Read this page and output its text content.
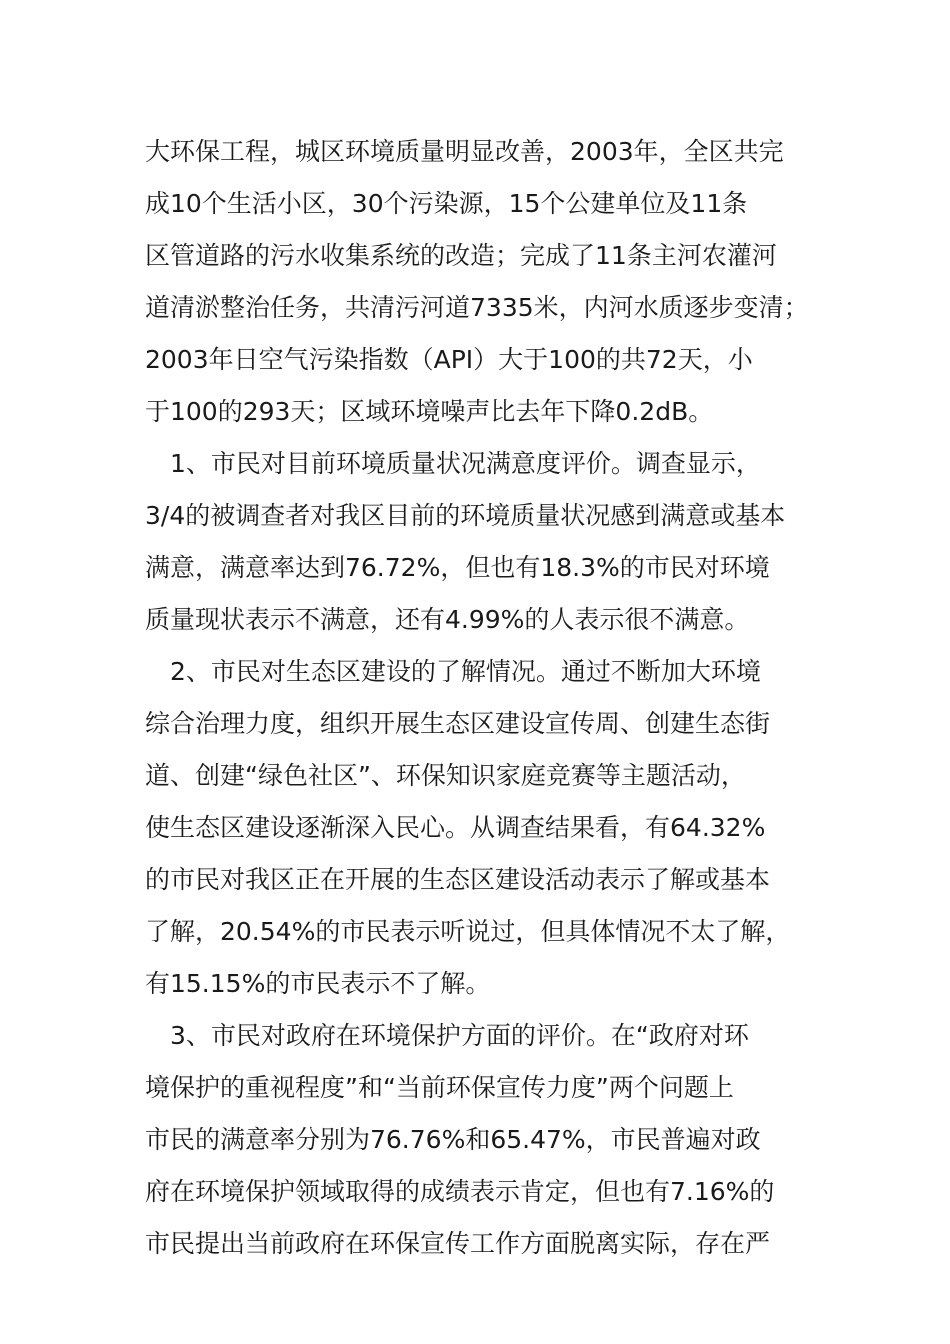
大环保工程，城区环境质量明显改善，2003年，全区共完
成10个生活小区，30个污染源，15个公建单位及11条
区管道路的污水收集系统的改造；完成了11条主河农灌河
道清淤整治任务，共清污河道7335米，内河水质逐步变清；
2003年日空气污染指数（API）大于100的共72天，小
于100的293天；区域环境噪声比去年下降0.2dB。
　1、市民对目前环境质量状况满意度评价。调查显示，
3/4的被调查者对我区目前的环境质量状况感到满意或基本
满意，满意率达到76.72%，但也有18.3%的市民对环境
质量现状表示不满意，还有4.99%的人表示很不满意。
　2、市民对生态区建设的了解情况。通过不断加大环境
综合治理力度，组织开展生态区建设宣传周、创建生态街
道、创建“绿色社区”、环保知识家庭竞赛等主题活动，
使生态区建设逐渐深入民心。从调查结果看，有64.32%
的市民对我区正在开展的生态区建设活动表示了解或基本
了解，20.54%的市民表示听说过，但具体情况不太了解，
有15.15%的市民表示不了解。
　3、市民对政府在环境保护方面的评价。在“政府对环
境保护的重视程度”和“当前环保宣传力度”两个问题上
市民的满意率分别为76.76%和65.47%，市民普遍对政
府在环境保护领域取得的成绩表示肯定，但也有7.16%的
市民提出当前政府在环保宣传工作方面脱离实际，存在严
